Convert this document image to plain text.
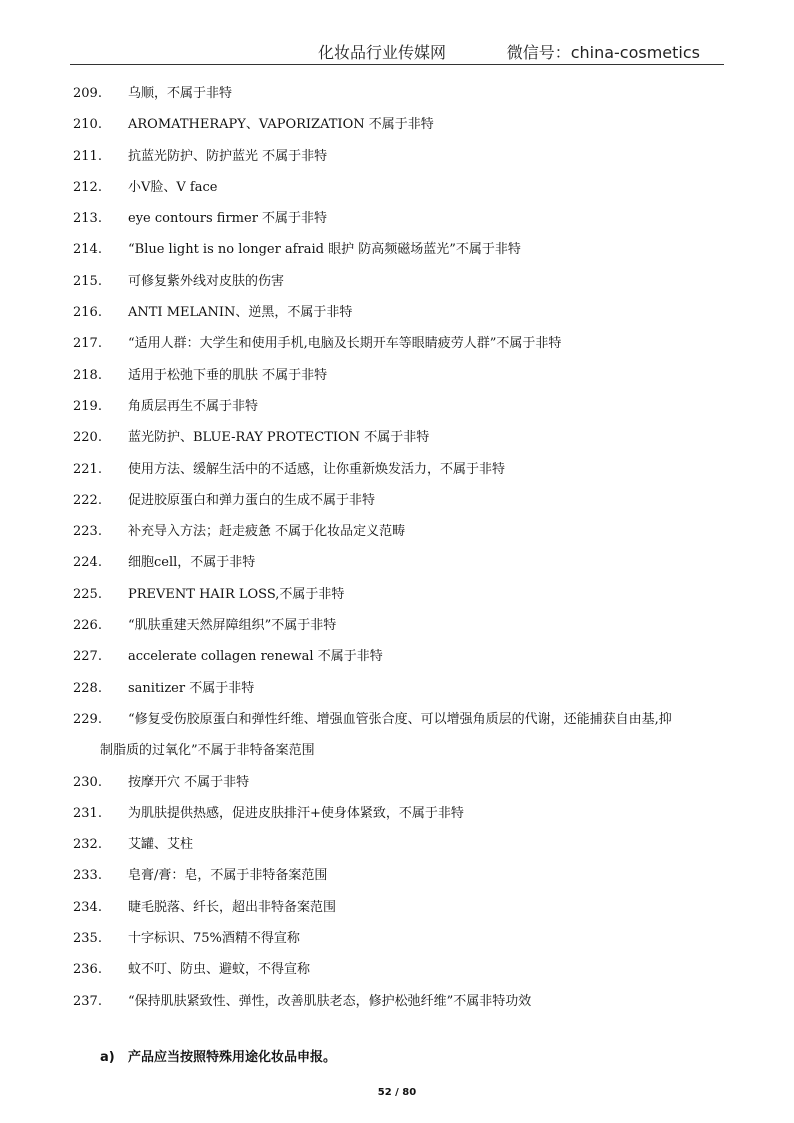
化妆品行业传媒网	微信号：china-cosmetics
209.	乌顺，不属于非特
210.	AROMATHERAPY、VAPORIZATION 不属于非特
211.	抗蓝光防护、防护蓝光 不属于非特
212.	小V脸、V face
213.	eye contours firmer 不属于非特
214.	“Blue light is no longer afraid 眼护 防高频磁场蓝光”不属于非特
215.	可修复紫外线对皮肤的伤害
216.	ANTI MELANIN、逆黑，不属于非特
217.	“适用人群：大学生和使用手机,电脑及长期开车等眼睛疲劳人群”不属于非特
218.	适用于松弛下垂的肌肤 不属于非特
219.	角质层再生不属于非特
220.	蓝光防护、BLUE-RAY PROTECTION 不属于非特
221.	使用方法、缓解生活中的不适感，让你重新焕发活力，不属于非特
222.	促进胶原蛋白和弹力蛋白的生成不属于非特
223.	补充导入方法；赶走疲惫 不属于化妆品定义范畴
224.	细胞cell，不属于非特
225.	PREVENT HAIR LOSS,不属于非特
226.	“肌肤重建天然屏障组织”不属于非特
227.	accelerate collagen renewal 不属于非特
228.	sanitizer 不属于非特
229.	“修复受伤胶原蛋白和弹性纤维、增强血管张合度、可以增强角质层的代谢，还能捕获自由基,抑
制脂质的过氧化”不属于非特备案范围
230.	按摩开穴 不属于非特
231.	为肌肤提供热感，促进皮肤排汗+使身体紧致，不属于非特
232.	艾罐、艾柱
233.	皂膏/膏：皂，不属于非特备案范围
234.	睫毛脱落、纤长，超出非特备案范围
235.	十字标识、75%酒精不得宣称
236.	蚊不叮、防虫、避蚊，不得宣称
237.	“保持肌肤紧致性、弹性，改善肌肤老态，修护松弛纤维”不属非特功效
a) 产品应当按照特殊用途化妆品申报。
52 / 80
